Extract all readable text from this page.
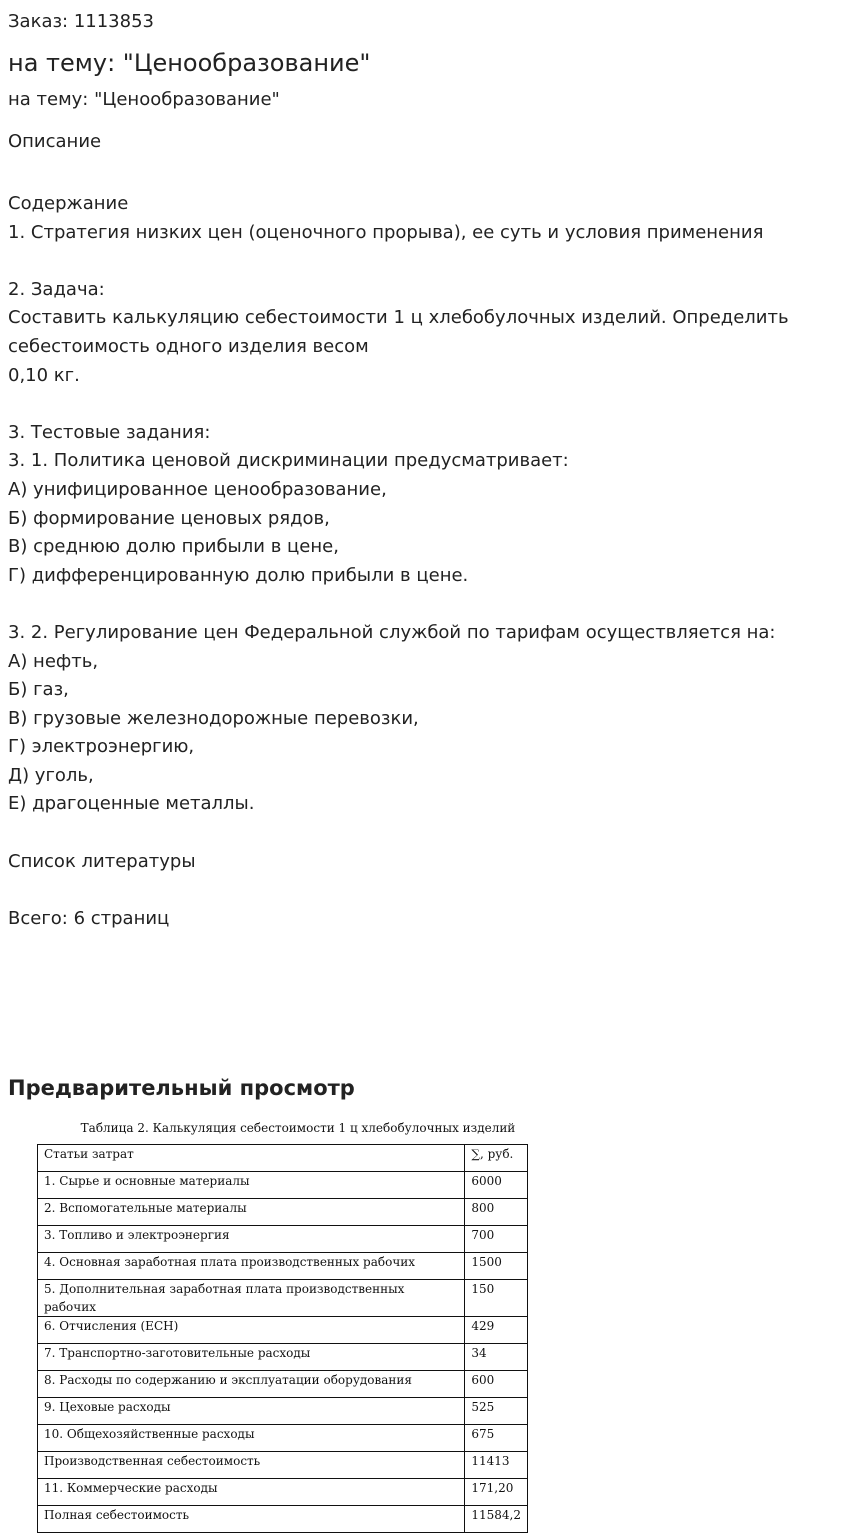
Заказ: 1113853
на тему: "Ценообразование"
на тему: "Ценообразование"
Описание
Содержание
1. Стратегия низких цен (оценочного прорыва), ее суть и условия применения
2. Задача:
Составить калькуляцию себестоимости 1 ц хлебобулочных изделий. Определить себестоимость одного изделия весом
0,10 кг.
3. Тестовые задания:
3. 1. Политика ценовой дискриминации предусматривает:
А) унифицированное ценообразование,
Б) формирование ценовых рядов,
В) среднюю долю прибыли в цене,
Г) дифференцированную долю прибыли в цене.
3. 2. Регулирование цен Федеральной службой по тарифам осуществляется на:
А) нефть,
Б) газ,
В) грузовые железнодорожные перевозки,
Г) электроэнергию,
Д) уголь,
Е) драгоценные металлы.
Список литературы
Всего: 6 страниц
Предварительный просмотр
Таблица 2. Калькуляция себестоимости 1 ц хлебобулочных изделий
Статьи затрат	∑, руб.
1. Сырье и основные материалы	6000
2. Вспомогательные материалы	800
3. Топливо и электроэнергия	700
4. Основная заработная плата производственных рабочих	1500
5. Дополнительная заработная плата производственных рабочих	150
6. Отчисления (ЕСН)	429
7. Транспортно-заготовительные расходы	34
8. Расходы по содержанию и эксплуатации оборудования	600
9. Цеховые расходы	525
10. Общехозяйственные расходы	675
Производственная себестоимость	11413
11. Коммерческие расходы	171,20
Полная себестоимость	11584,2
